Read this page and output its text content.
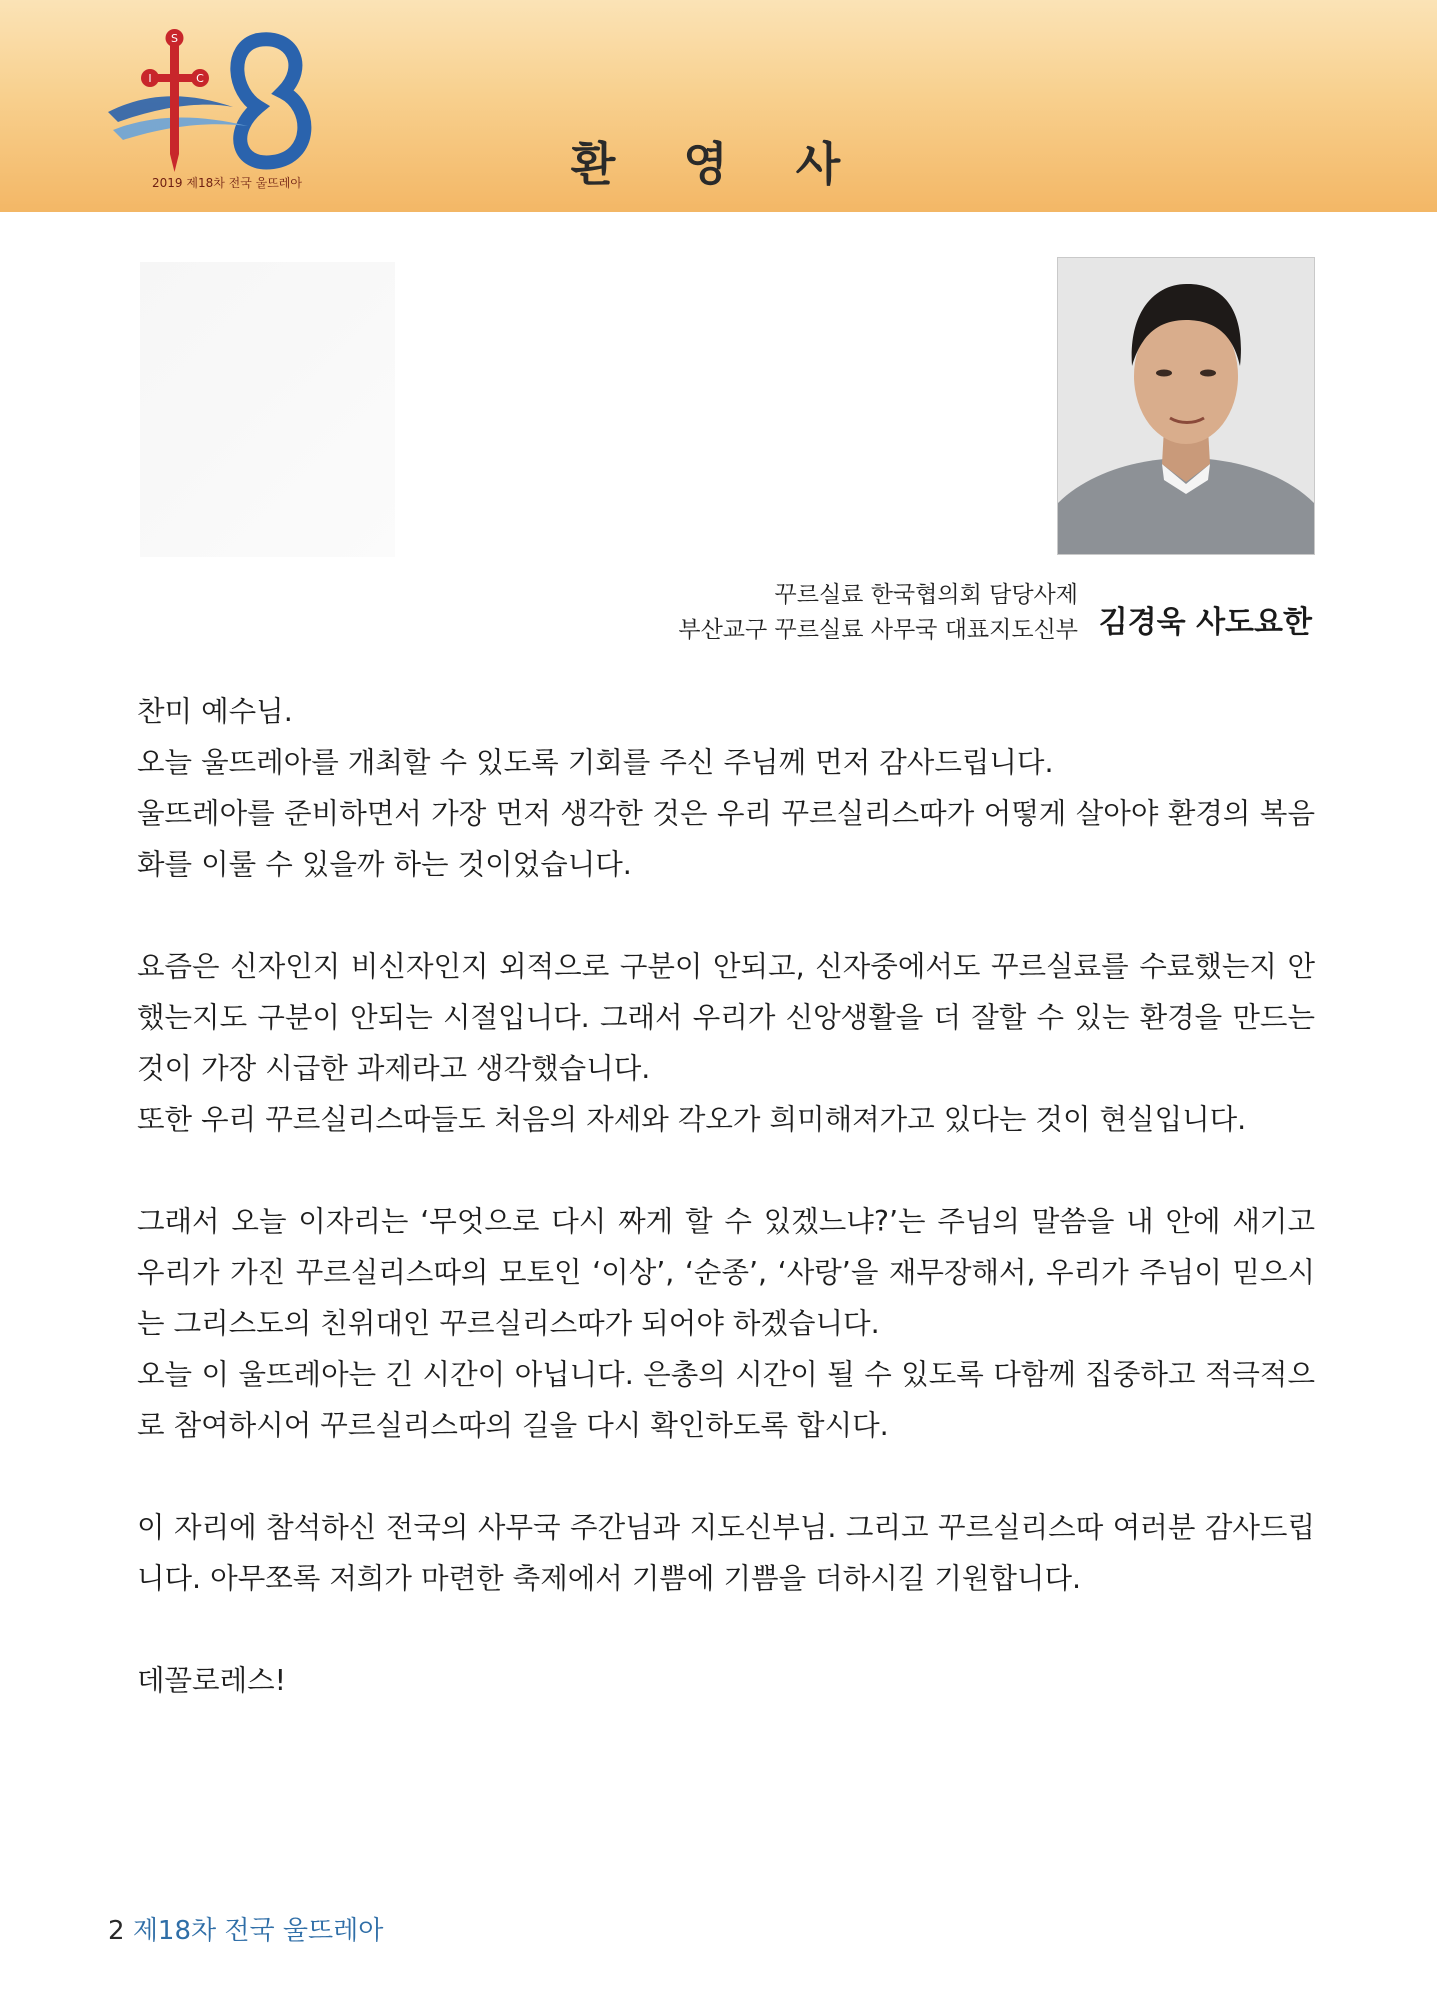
S
I	C
2019 제18차 전국 울뜨레아	환 영 사
꾸르실료 한국협의회 담당사제
부산교구 꾸르실료 사무국 대표지도신부 김경욱 사도요한

찬미 예수님.

오늘 울뜨레아를 개최할 수 있도록 기회를 주신 주님께 먼저 감사드립니다.

울뜨레아를 준비하면서 가장 먼저 생각한 것은 우리 꾸르실리스따가 어떻게 살아야 환경의 복음화를 이룰 수 있을까 하는 것이었습니다.

요즘은 신자인지 비신자인지 외적으로 구분이 안되고, 신자중에서도 꾸르실료를 수료했는지 안했는지도 구분이 안되는 시절입니다. 그래서 우리가 신앙생활을 더 잘할 수 있는 환경을 만드는 것이 가장 시급한 과제라고 생각했습니다.

또한 우리 꾸르실리스따들도 처음의 자세와 각오가 희미해져가고 있다는 것이 현실입니다.

그래서 오늘 이자리는 ‘무엇으로 다시 짜게 할 수 있겠느냐?’는 주님의 말씀을 내 안에 새기고 우리가 가진 꾸르실리스따의 모토인 ‘이상’, ‘순종’, ‘사랑’을 재무장해서, 우리가 주님이 믿으시는 그리스도의 친위대인 꾸르실리스따가 되어야 하겠습니다.

오늘 이 울뜨레아는 긴 시간이 아닙니다. 은총의 시간이 될 수 있도록 다함께 집중하고 적극적으로 참여하시어 꾸르실리스따의 길을 다시 확인하도록 합시다.

이 자리에 참석하신 전국의 사무국 주간님과 지도신부님. 그리고 꾸르실리스따 여러분 감사드립니다. 아무쪼록 저희가 마련한 축제에서 기쁨에 기쁨을 더하시길 기원합니다.

데꼴로레스!

2 제18차 전국 울뜨레아
